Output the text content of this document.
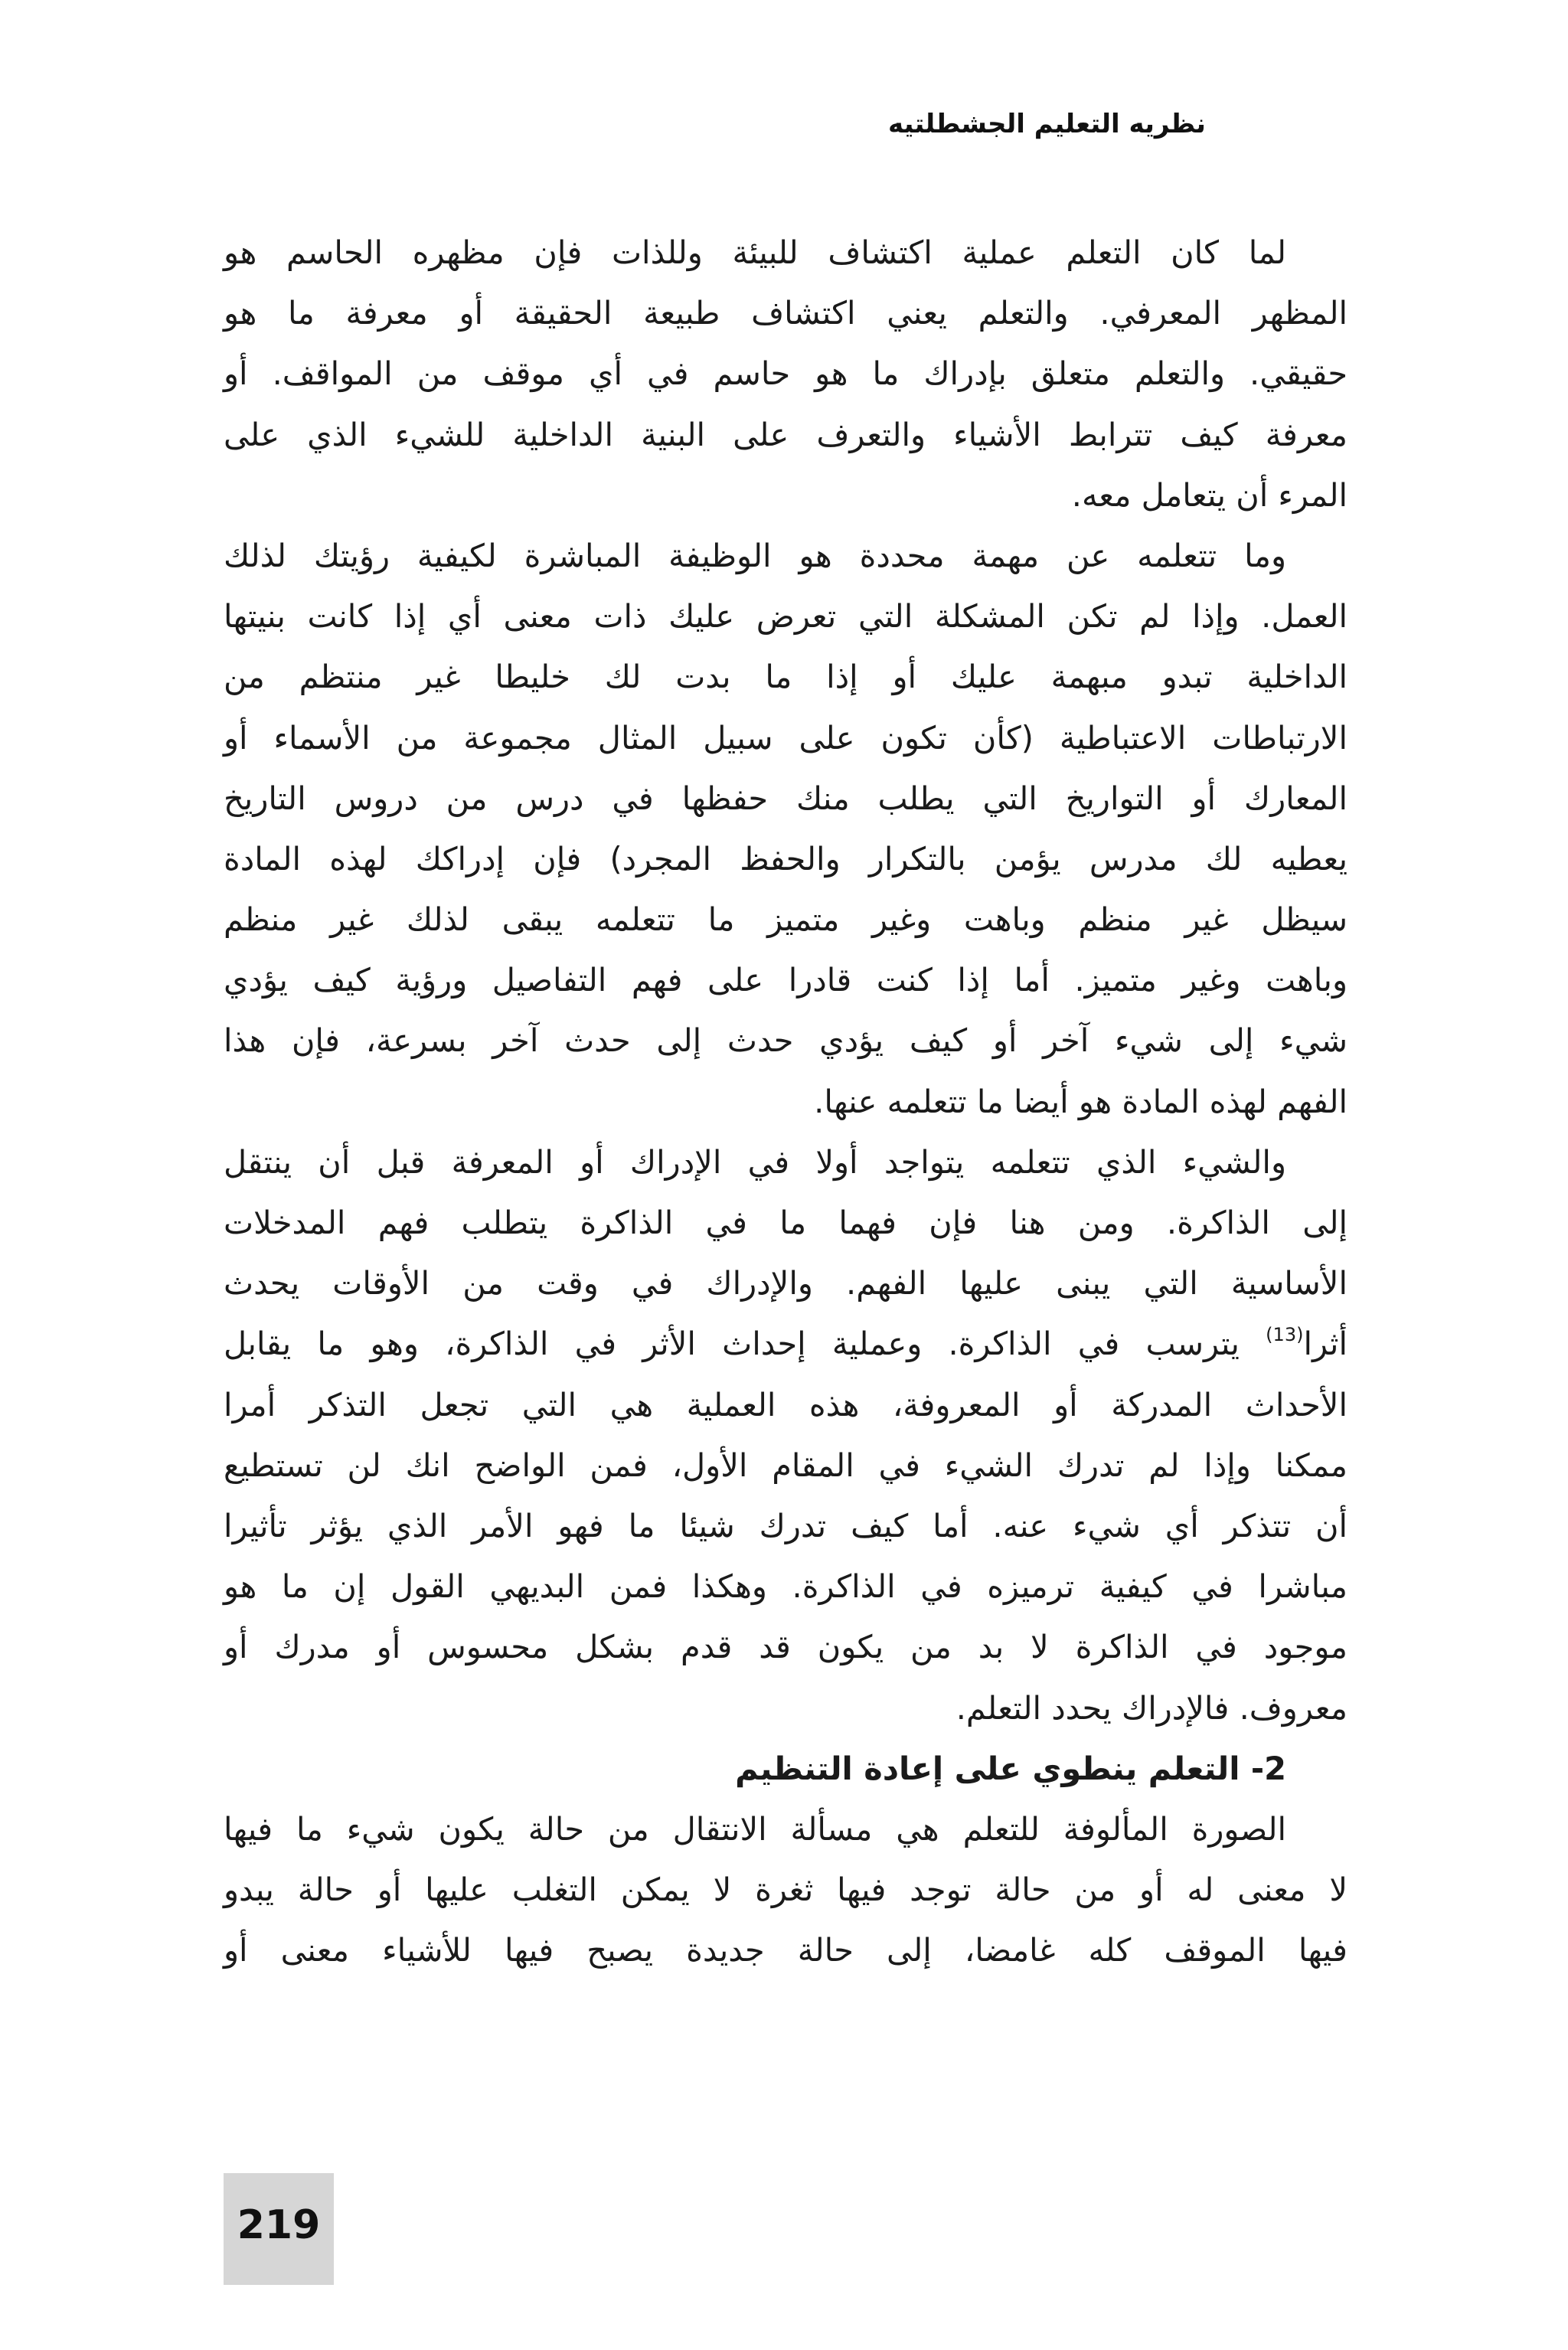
نظريه التعليم الجشطلتيه
لما كان التعلم عملية اكتشاف للبيئة وللذات فإن مظهره الحاسم هو
المظهر المعرفي. والتعلم يعني اكتشاف طبيعة الحقيقة أو معرفة ما هو
حقيقي. والتعلم متعلق بإدراك ما هو حاسم في أي موقف من المواقف. أو
معرفة كيف تترابط الأشياء والتعرف على البنية الداخلية للشيء الذي على
المرء أن يتعامل معه.
وما تتعلمه عن مهمة محددة هو الوظيفة المباشرة لكيفية رؤيتك لذلك
العمل. وإذا لم تكن المشكلة التي تعرض عليك ذات معنى أي إذا كانت بنيتها
الداخلية تبدو مبهمة عليك أو إذا ما بدت لك خليطا غير منتظم من
الارتباطات الاعتباطية (كأن تكون على سبيل المثال مجموعة من الأسماء أو
المعارك أو التواريخ التي يطلب منك حفظها في درس من دروس التاريخ
يعطيه لك مدرس يؤمن بالتكرار والحفظ المجرد) فإن إدراكك لهذه المادة
سيظل غير منظم وباهت وغير متميز ما تتعلمه يبقى لذلك غير منظم
وباهت وغير متميز. أما إذا كنت قادرا على فهم التفاصيل ورؤية كيف يؤدي
شيء إلى شيء آخر أو كيف يؤدي حدث إلى حدث آخر بسرعة، فإن هذا
الفهم لهذه المادة هو أيضا ما تتعلمه عنها.
والشيء الذي تتعلمه يتواجد أولا في الإدراك أو المعرفة قبل أن ينتقل
إلى الذاكرة. ومن هنا فإن فهما ما في الذاكرة يتطلب فهم المدخلات
الأساسية التي يبنى عليها الفهم. والإدراك في وقت من الأوقات يحدث
أثرا$^{(13)}$ يترسب في الذاكرة. وعملية إحداث الأثر في الذاكرة، وهو ما يقابل
الأحداث المدركة أو المعروفة، هذه العملية هي التي تجعل التذكر أمرا
ممكنا وإذا لم تدرك الشيء في المقام الأول، فمن الواضح انك لن تستطيع
أن تتذكر أي شيء عنه. أما كيف تدرك شيئا ما فهو الأمر الذي يؤثر تأثيرا
مباشرا في كيفية ترميزه في الذاكرة. وهكذا فمن البديهي القول إن ما هو
موجود في الذاكرة لا بد من يكون قد قدم بشكل محسوس أو مدرك أو
معروف. فالإدراك يحدد التعلم.
2- التعلم ينطوي على إعادة التنظيم
الصورة المألوفة للتعلم هي مسألة الانتقال من حالة يكون شيء ما فيها
لا معنى له أو من حالة توجد فيها ثغرة لا يمكن التغلب عليها أو حالة يبدو
فيها الموقف كله غامضا، إلى حالة جديدة يصبح فيها للأشياء معنى أو
219
